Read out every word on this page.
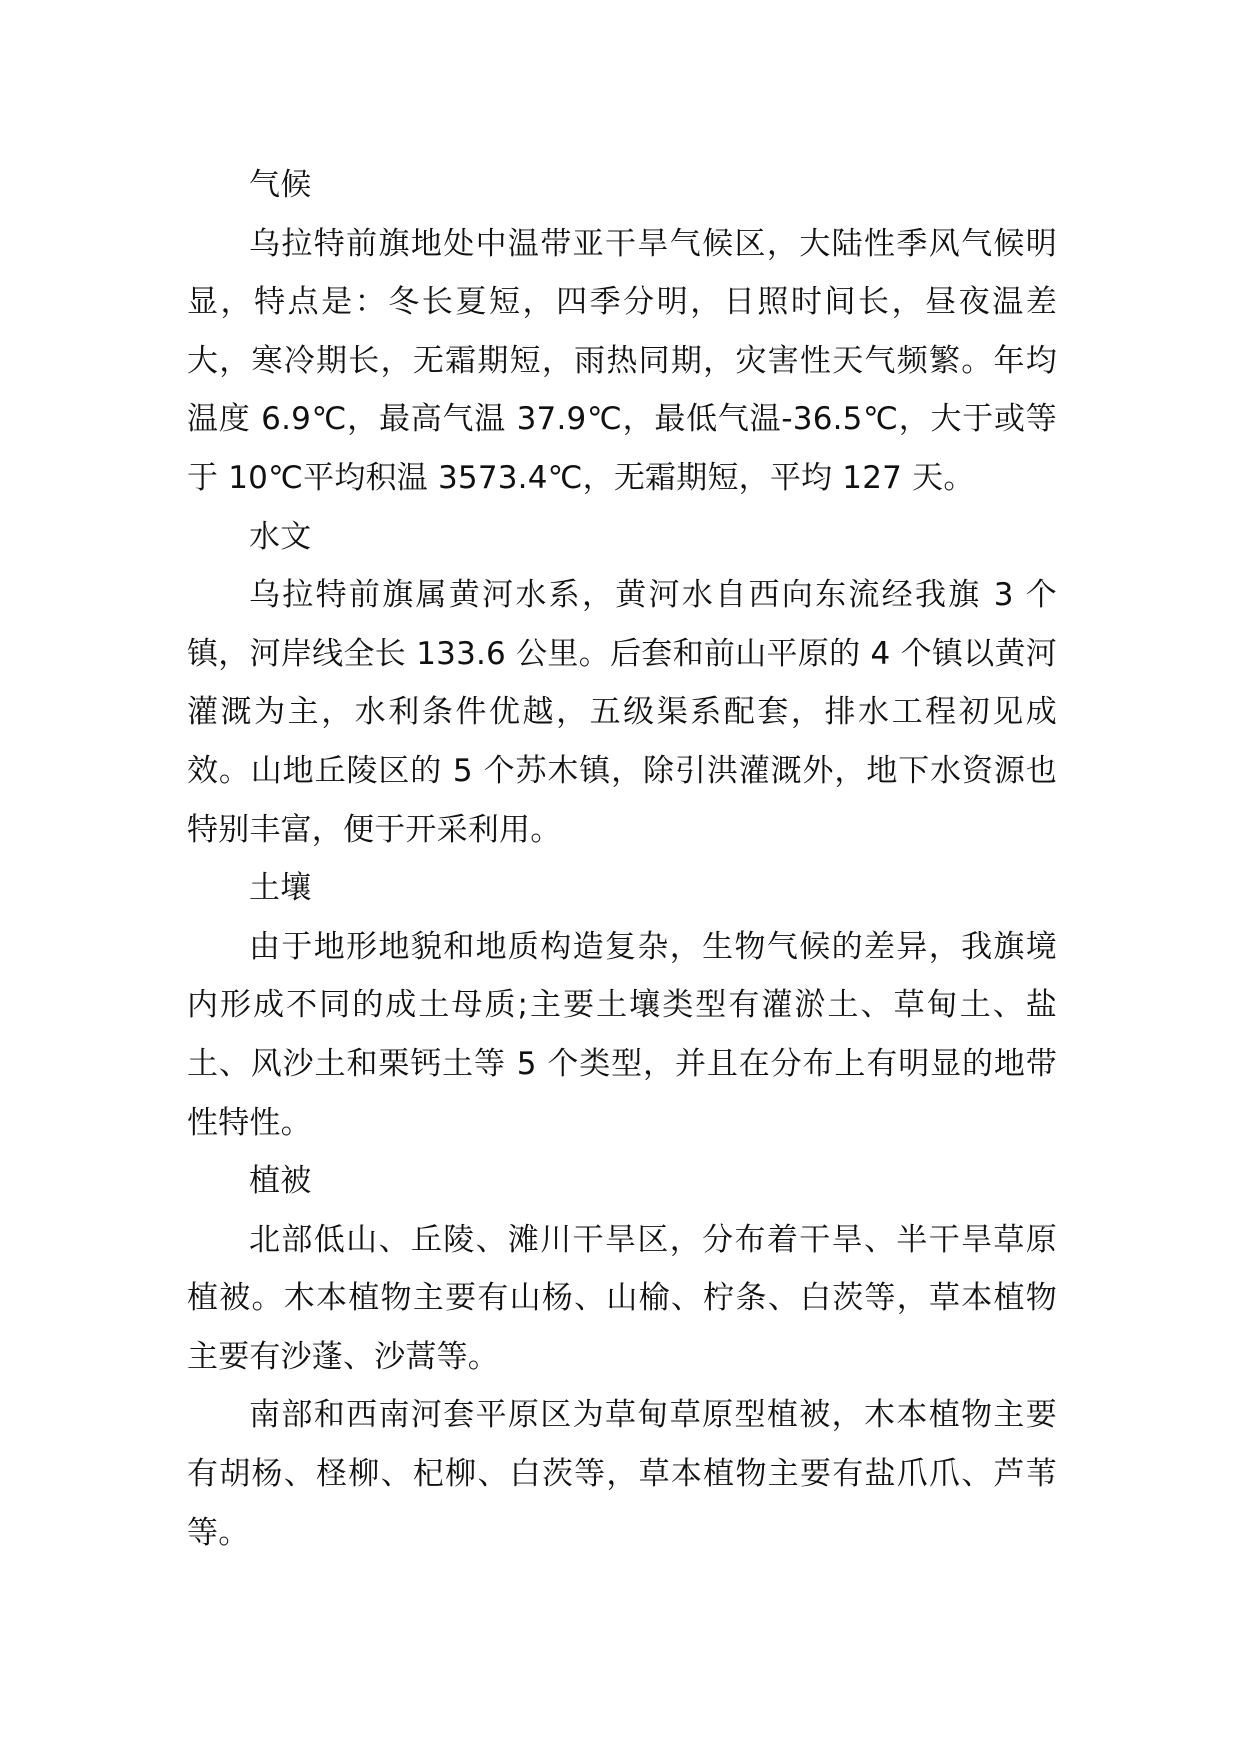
气候

乌拉特前旗地处中温带亚干旱气候区，大陆性季风气候明显，特点是：冬长夏短，四季分明，日照时间长，昼夜温差大，寒冷期长，无霜期短，雨热同期，灾害性天气频繁。年均温度 6.9℃，最高气温 37.9℃，最低气温-36.5℃，大于或等于 10℃平均积温 3573.4℃，无霜期短，平均 127 天。

水文

乌拉特前旗属黄河水系，黄河水自西向东流经我旗 3 个镇，河岸线全长 133.6 公里。后套和前山平原的 4 个镇以黄河灌溉为主，水利条件优越，五级渠系配套，排水工程初见成效。山地丘陵区的 5 个苏木镇，除引洪灌溉外，地下水资源也特别丰富，便于开采利用。

土壤

由于地形地貌和地质构造复杂，生物气候的差异，我旗境内形成不同的成土母质;主要土壤类型有灌淤土、草甸土、盐土、风沙土和栗钙土等 5 个类型，并且在分布上有明显的地带性特性。

植被

北部低山、丘陵、滩川干旱区，分布着干旱、半干旱草原植被。木本植物主要有山杨、山榆、柠条、白茨等，草本植物主要有沙蓬、沙蒿等。

南部和西南河套平原区为草甸草原型植被，木本植物主要有胡杨、柽柳、杞柳、白茨等，草本植物主要有盐爪爪、芦苇等。
